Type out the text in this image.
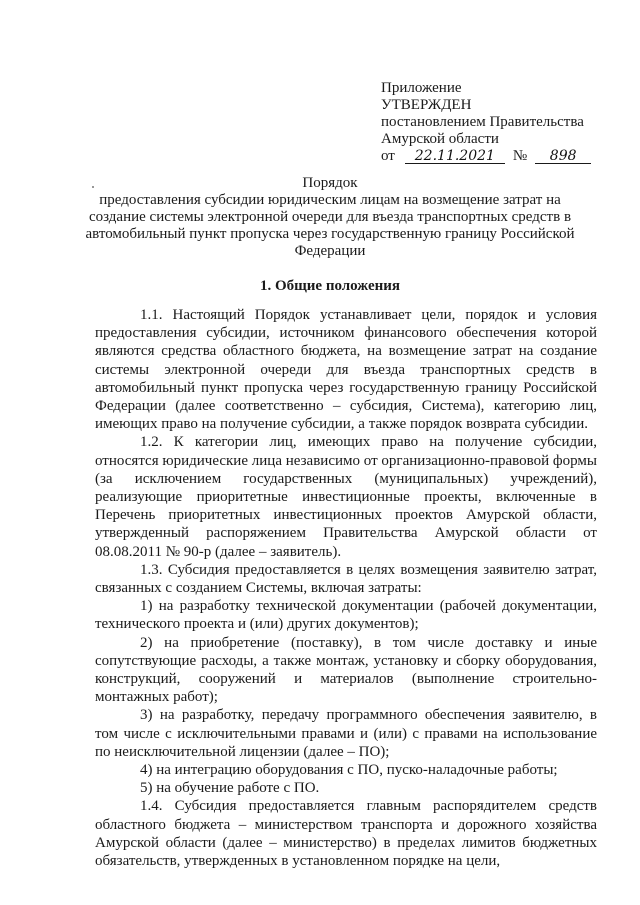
Приложение
УТВЕРЖДЕН
постановлением Правительства
Амурской области
от	22.11.2021	№	898
Порядок
предоставления субсидии юридическим лицам на возмещение затрат на создание системы электронной очереди для въезда транспортных средств в автомобильный пункт пропуска через государственную границу Российской Федерации
1. Общие положения

1.1. Настоящий Порядок устанавливает цели, порядок и условия предоставления субсидии, источником финансового обеспечения которой являются средства областного бюджета, на возмещение затрат на создание системы электронной очереди для въезда транспортных средств в автомобильный пункт пропуска через государственную границу Российской Федерации (далее соответственно – субсидия, Система), категорию лиц, имеющих право на получение субсидии, а также порядок возврата субсидии.

1.2. К категории лиц, имеющих право на получение субсидии, относятся юридические лица независимо от организационно-правовой формы (за исключением государственных (муниципальных) учреждений), реализующие приоритетные инвестиционные проекты, включенные в Перечень приоритетных инвестиционных проектов Амурской области, утвержденный распоряжением Правительства Амурской области от 08.08.2011 № 90-р (далее – заявитель).

1.3. Субсидия предоставляется в целях возмещения заявителю затрат, связанных с созданием Системы, включая затраты:

1) на разработку технической документации (рабочей документации, технического проекта и (или) других документов);

2) на приобретение (поставку), в том числе доставку и иные сопутствующие расходы, а также монтаж, установку и сборку оборудования, конструкций, сооружений и материалов (выполнение строительно-монтажных работ);

3) на разработку, передачу программного обеспечения заявителю, в том числе с исключительными правами и (или) с правами на использование по неисключительной лицензии (далее – ПО);

4) на интеграцию оборудования с ПО, пуско-наладочные работы;

5) на обучение работе с ПО.

1.4. Субсидия предоставляется главным распорядителем средств областного бюджета – министерством транспорта и дорожного хозяйства Амурской области (далее – министерство) в пределах лимитов бюджетных обязательств, утвержденных в установленном порядке на цели,
